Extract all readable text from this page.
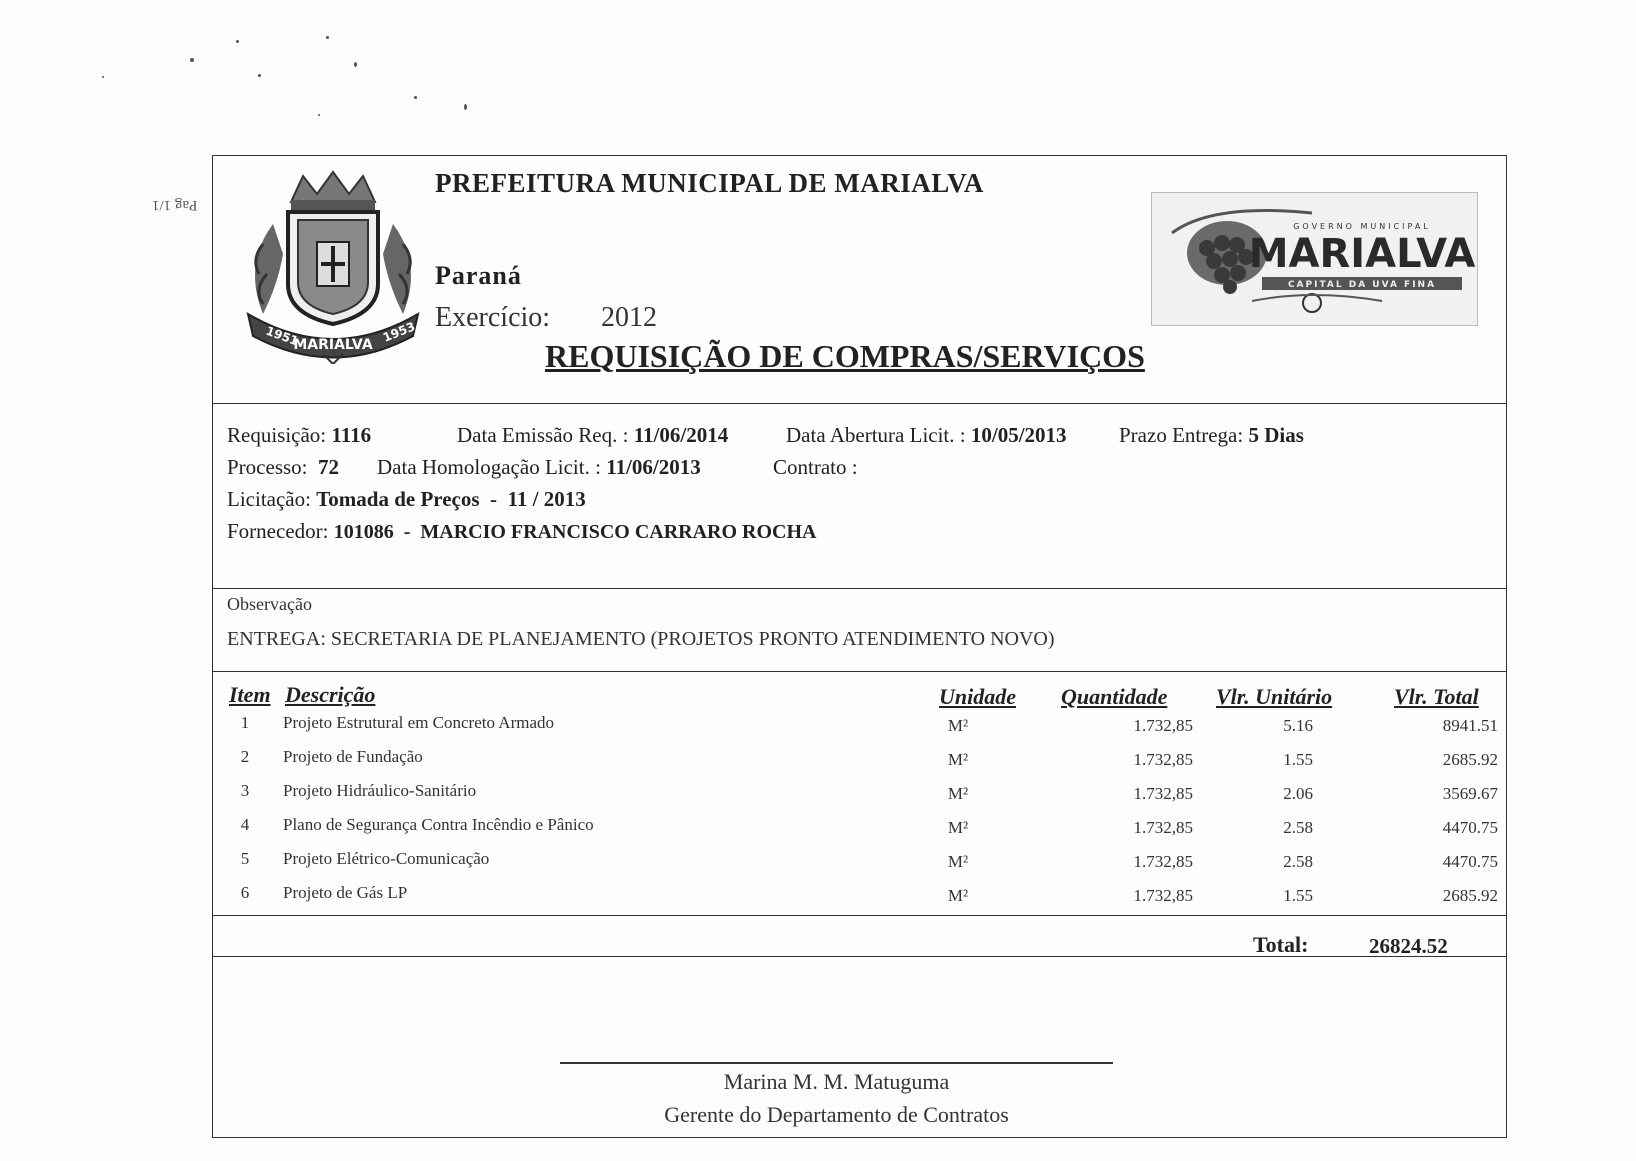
Pag 1/1
1951
MARIALVA
1953
PREFEITURA MUNICIPAL DE MARIALVA
Paraná
Exercício: 2012
GOVERNO MUNICIPAL
MARIALVA
CAPITAL DA UVA FINA
REQUISIÇÃO DE COMPRAS/SERVIÇOS
Requisição: 1116	Data Emissão Req. : 11/06/2014	Data Abertura Licit. : 10/05/2013 Prazo Entrega: 5 Dias
Processo: 72 Data Homologação Licit. : 11/06/2013	Contrato :
Licitação: Tomada de Preços  -  11 / 2013
Fornecedor: 101086  -  MARCIO FRANCISCO CARRARO ROCHA
Observação
ENTREGA: SECRETARIA DE PLANEJAMENTO (PROJETOS PRONTO ATENDIMENTO NOVO)
Item Descrição	Unidade Quantidade Vlr. Unitário	Vlr. Total
1	Projeto Estrutural em Concreto Armado	M²	1.732,85	5.16	8941.51
2	Projeto de Fundação	M²	1.732,85	1.55	2685.92
3	Projeto Hidráulico-Sanitário	M²	1.732,85	2.06	3569.67
4	Plano de Segurança Contra Incêndio e Pânico	M²	1.732,85	2.58	4470.75
5	Projeto Elétrico-Comunicação	M²	1.732,85	2.58	4470.75
6	Projeto de Gás LP	M²	1.732,85	1.55	2685.92
Total:	26824.52
Marina M. M. Matuguma
Gerente do Departamento de Contratos
